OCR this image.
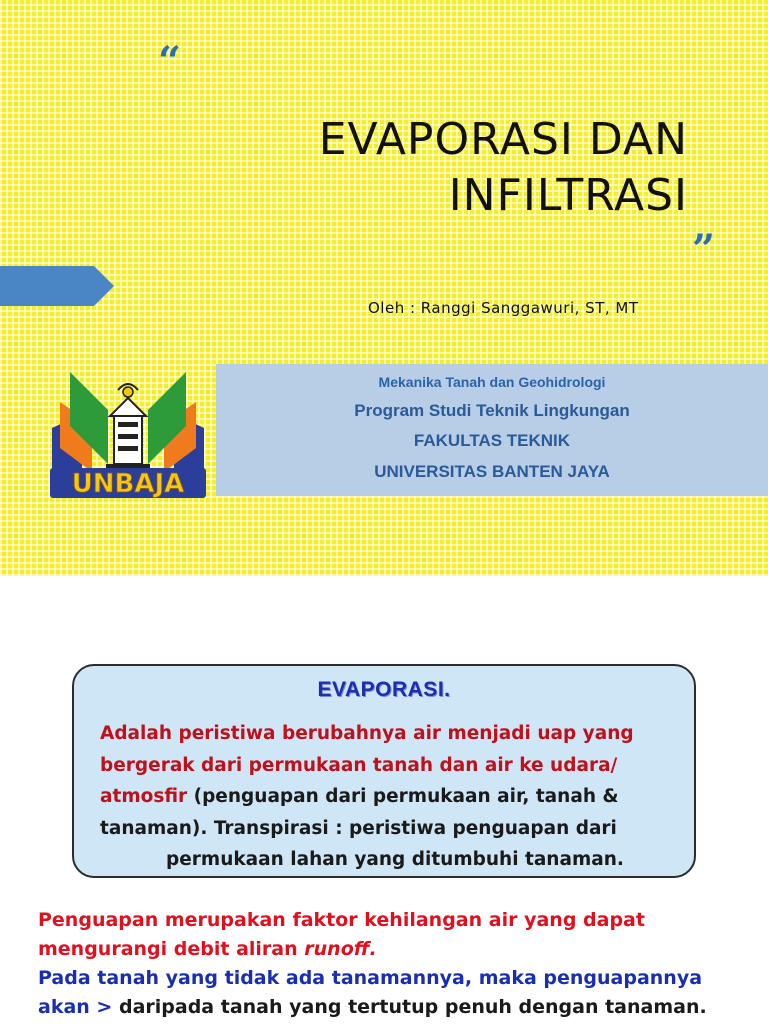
“
EVAPORASI DAN
INFILTRASI
”
Oleh : Ranggi Sanggawuri, ST, MT
UNBAJA
Mekanika Tanah dan Geohidrologi
Program Studi Teknik Lingkungan
FAKULTAS TEKNIK
UNIVERSITAS BANTEN JAYA
EVAPORASI.
Adalah peristiwa berubahnya air menjadi uap yang
bergerak dari permukaan tanah dan air ke udara/
atmosfir (penguapan dari permukaan air, tanah &
tanaman). Transpirasi : peristiwa penguapan dari
permukaan lahan yang ditumbuhi tanaman.
Penguapan merupakan faktor kehilangan air yang dapat
mengurangi debit aliran runoff.
Pada tanah yang tidak ada tanamannya, maka penguapannya
akan > daripada tanah yang tertutup penuh dengan tanaman.
